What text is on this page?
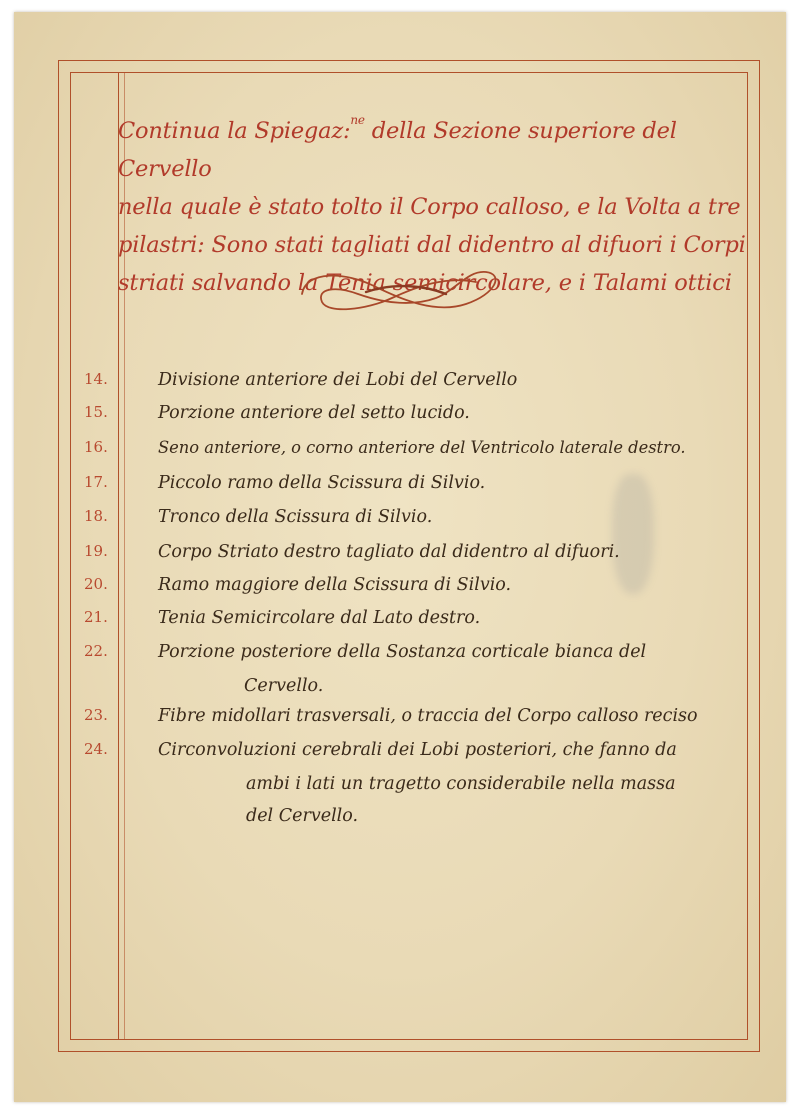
Continua la Spiegaz:$^{ne}$ della Sezione superiore del Cervello
nella quale è stato tolto il Corpo calloso, e la Volta a tre
pilastri: Sono stati tagliati dal didentro al difuori i Corpi
striati salvando la Tenia semicircolare, e i Talami ottici
14.	Divisione anteriore dei Lobi del Cervello
15.	Porzione anteriore del setto lucido.
16.	Seno anteriore, o corno anteriore del Ventricolo laterale destro.
17.	Piccolo ramo della Scissura di Silvio.
18.	Tronco della Scissura di Silvio.
19.	Corpo Striato destro tagliato dal didentro al difuori.
20.	Ramo maggiore della Scissura di Silvio.
21.	Tenia Semicircolare dal Lato destro.
22.	Porzione posteriore della Sostanza corticale bianca del
Cervello.
23.	Fibre midollari trasversali, o traccia del Corpo calloso reciso
24.	Circonvoluzioni cerebrali dei Lobi posteriori, che fanno da
ambi i lati un tragetto considerabile nella massa
del Cervello.
